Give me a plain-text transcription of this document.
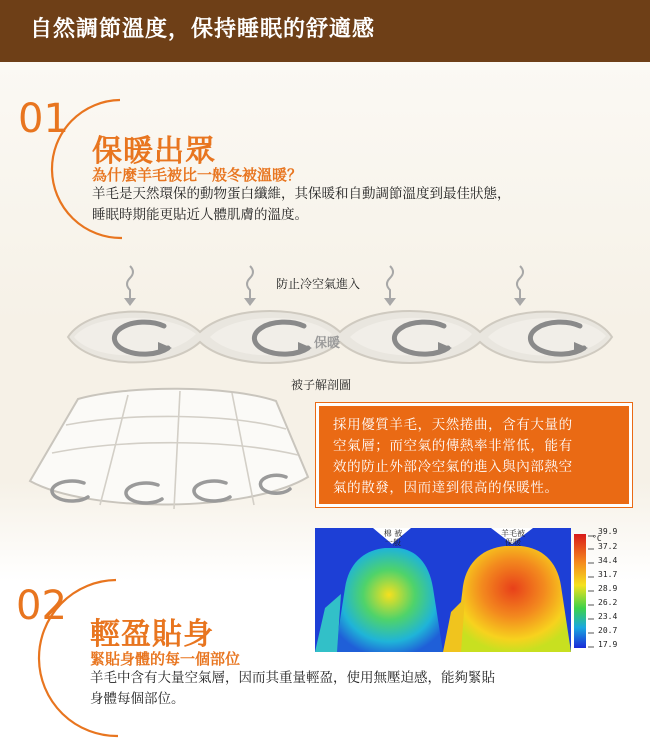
自然調節溫度，保持睡眠的舒適感
01
保暖出眾
為什麼羊毛被比一般冬被溫暖？
羊毛是天然環保的動物蛋白纖維，其保暖和自動調節溫度到最佳狀態，
睡眠時期能更貼近人體肌膚的溫度。
防止冷空氣進入
保暖
被子解剖圖
採用優質羊毛，天然捲曲，含有大量的
空氣層；而空氣的傳熱率非常低，能有
效的防止外部冷空氣的進入與內部熱空
氣的散發，因而達到很高的保暖性。
棉 被
一般
羊毛被
保暖	°C
39.9
37.2
34.4
31.7
28.9
26.2
23.4
20.7
17.9
02
輕盈貼身
緊貼身體的每一個部位
羊毛中含有大量空氣層，因而其重量輕盈，使用無壓迫感，能夠緊貼
身體每個部位。
